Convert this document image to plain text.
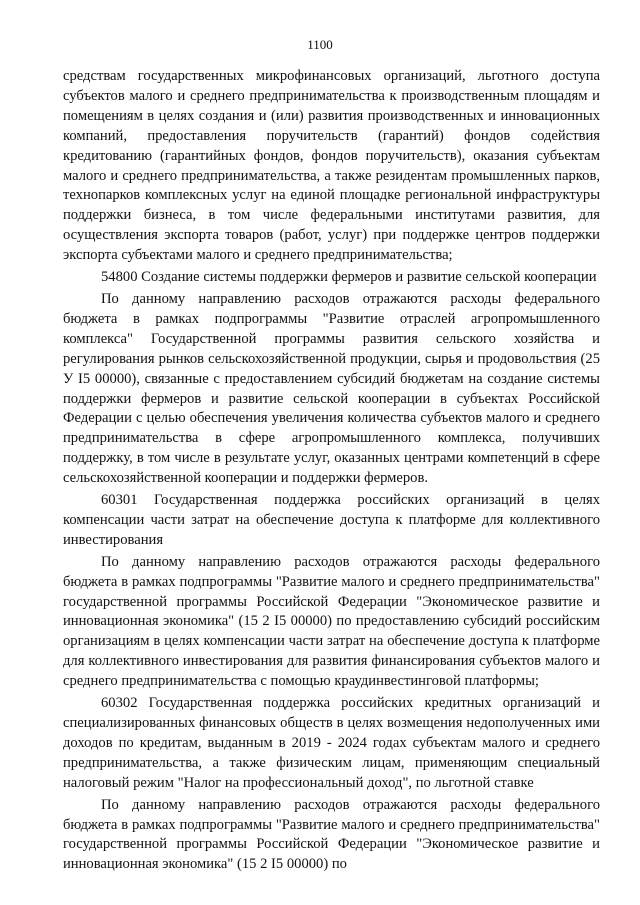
1100

средствам государственных микрофинансовых организаций, льготного доступа субъектов малого и среднего предпринимательства к производственным площадям и помещениям в целях создания и (или) развития производственных и инновационных компаний, предоставления поручительств (гарантий) фондов содействия кредитованию (гарантийных фондов, фондов поручительств), оказания субъектам малого и среднего предпринимательства, а также резидентам промышленных парков, технопарков комплексных услуг на единой площадке региональной инфраструктуры поддержки бизнеса, в том числе федеральными институтами развития, для осуществления экспорта товаров (работ, услуг) при поддержке центров поддержки экспорта субъектами малого и среднего предпринимательства;

54800 Создание системы поддержки фермеров и развитие сельской кооперации

По данному направлению расходов отражаются расходы федерального бюджета в рамках подпрограммы "Развитие отраслей агропромышленного комплекса" Государственной программы развития сельского хозяйства и регулирования рынков сельскохозяйственной продукции, сырья и продовольствия (25 У I5 00000), связанные с предоставлением субсидий бюджетам на создание системы поддержки фермеров и развитие сельской кооперации в субъектах Российской Федерации с целью обеспечения увеличения количества субъектов малого и среднего предпринимательства в сфере агропромышленного комплекса, получивших поддержку, в том числе в результате услуг, оказанных центрами компетенций в сфере сельскохозяйственной кооперации и поддержки фермеров.

60301 Государственная поддержка российских организаций в целях компенсации части затрат на обеспечение доступа к платформе для коллективного инвестирования

По данному направлению расходов отражаются расходы федерального бюджета в рамках подпрограммы "Развитие малого и среднего предпринимательства" государственной программы Российской Федерации "Экономическое развитие и инновационная экономика" (15 2 I5 00000) по предоставлению субсидий российским организациям в целях компенсации части затрат на обеспечение доступа к платформе для коллективного инвестирования для развития финансирования субъектов малого и среднего предпринимательства с помощью краудинвестинговой платформы;

60302 Государственная поддержка российских кредитных организаций и специализированных финансовых обществ в целях возмещения недополученных ими доходов по кредитам, выданным в 2019 - 2024 годах субъектам малого и среднего предпринимательства, а также физическим лицам, применяющим специальный налоговый режим "Налог на профессиональный доход", по льготной ставке

По данному направлению расходов отражаются расходы федерального бюджета в рамках подпрограммы "Развитие малого и среднего предпринимательства" государственной программы Российской Федерации "Экономическое развитие и инновационная экономика" (15 2 I5 00000) по
